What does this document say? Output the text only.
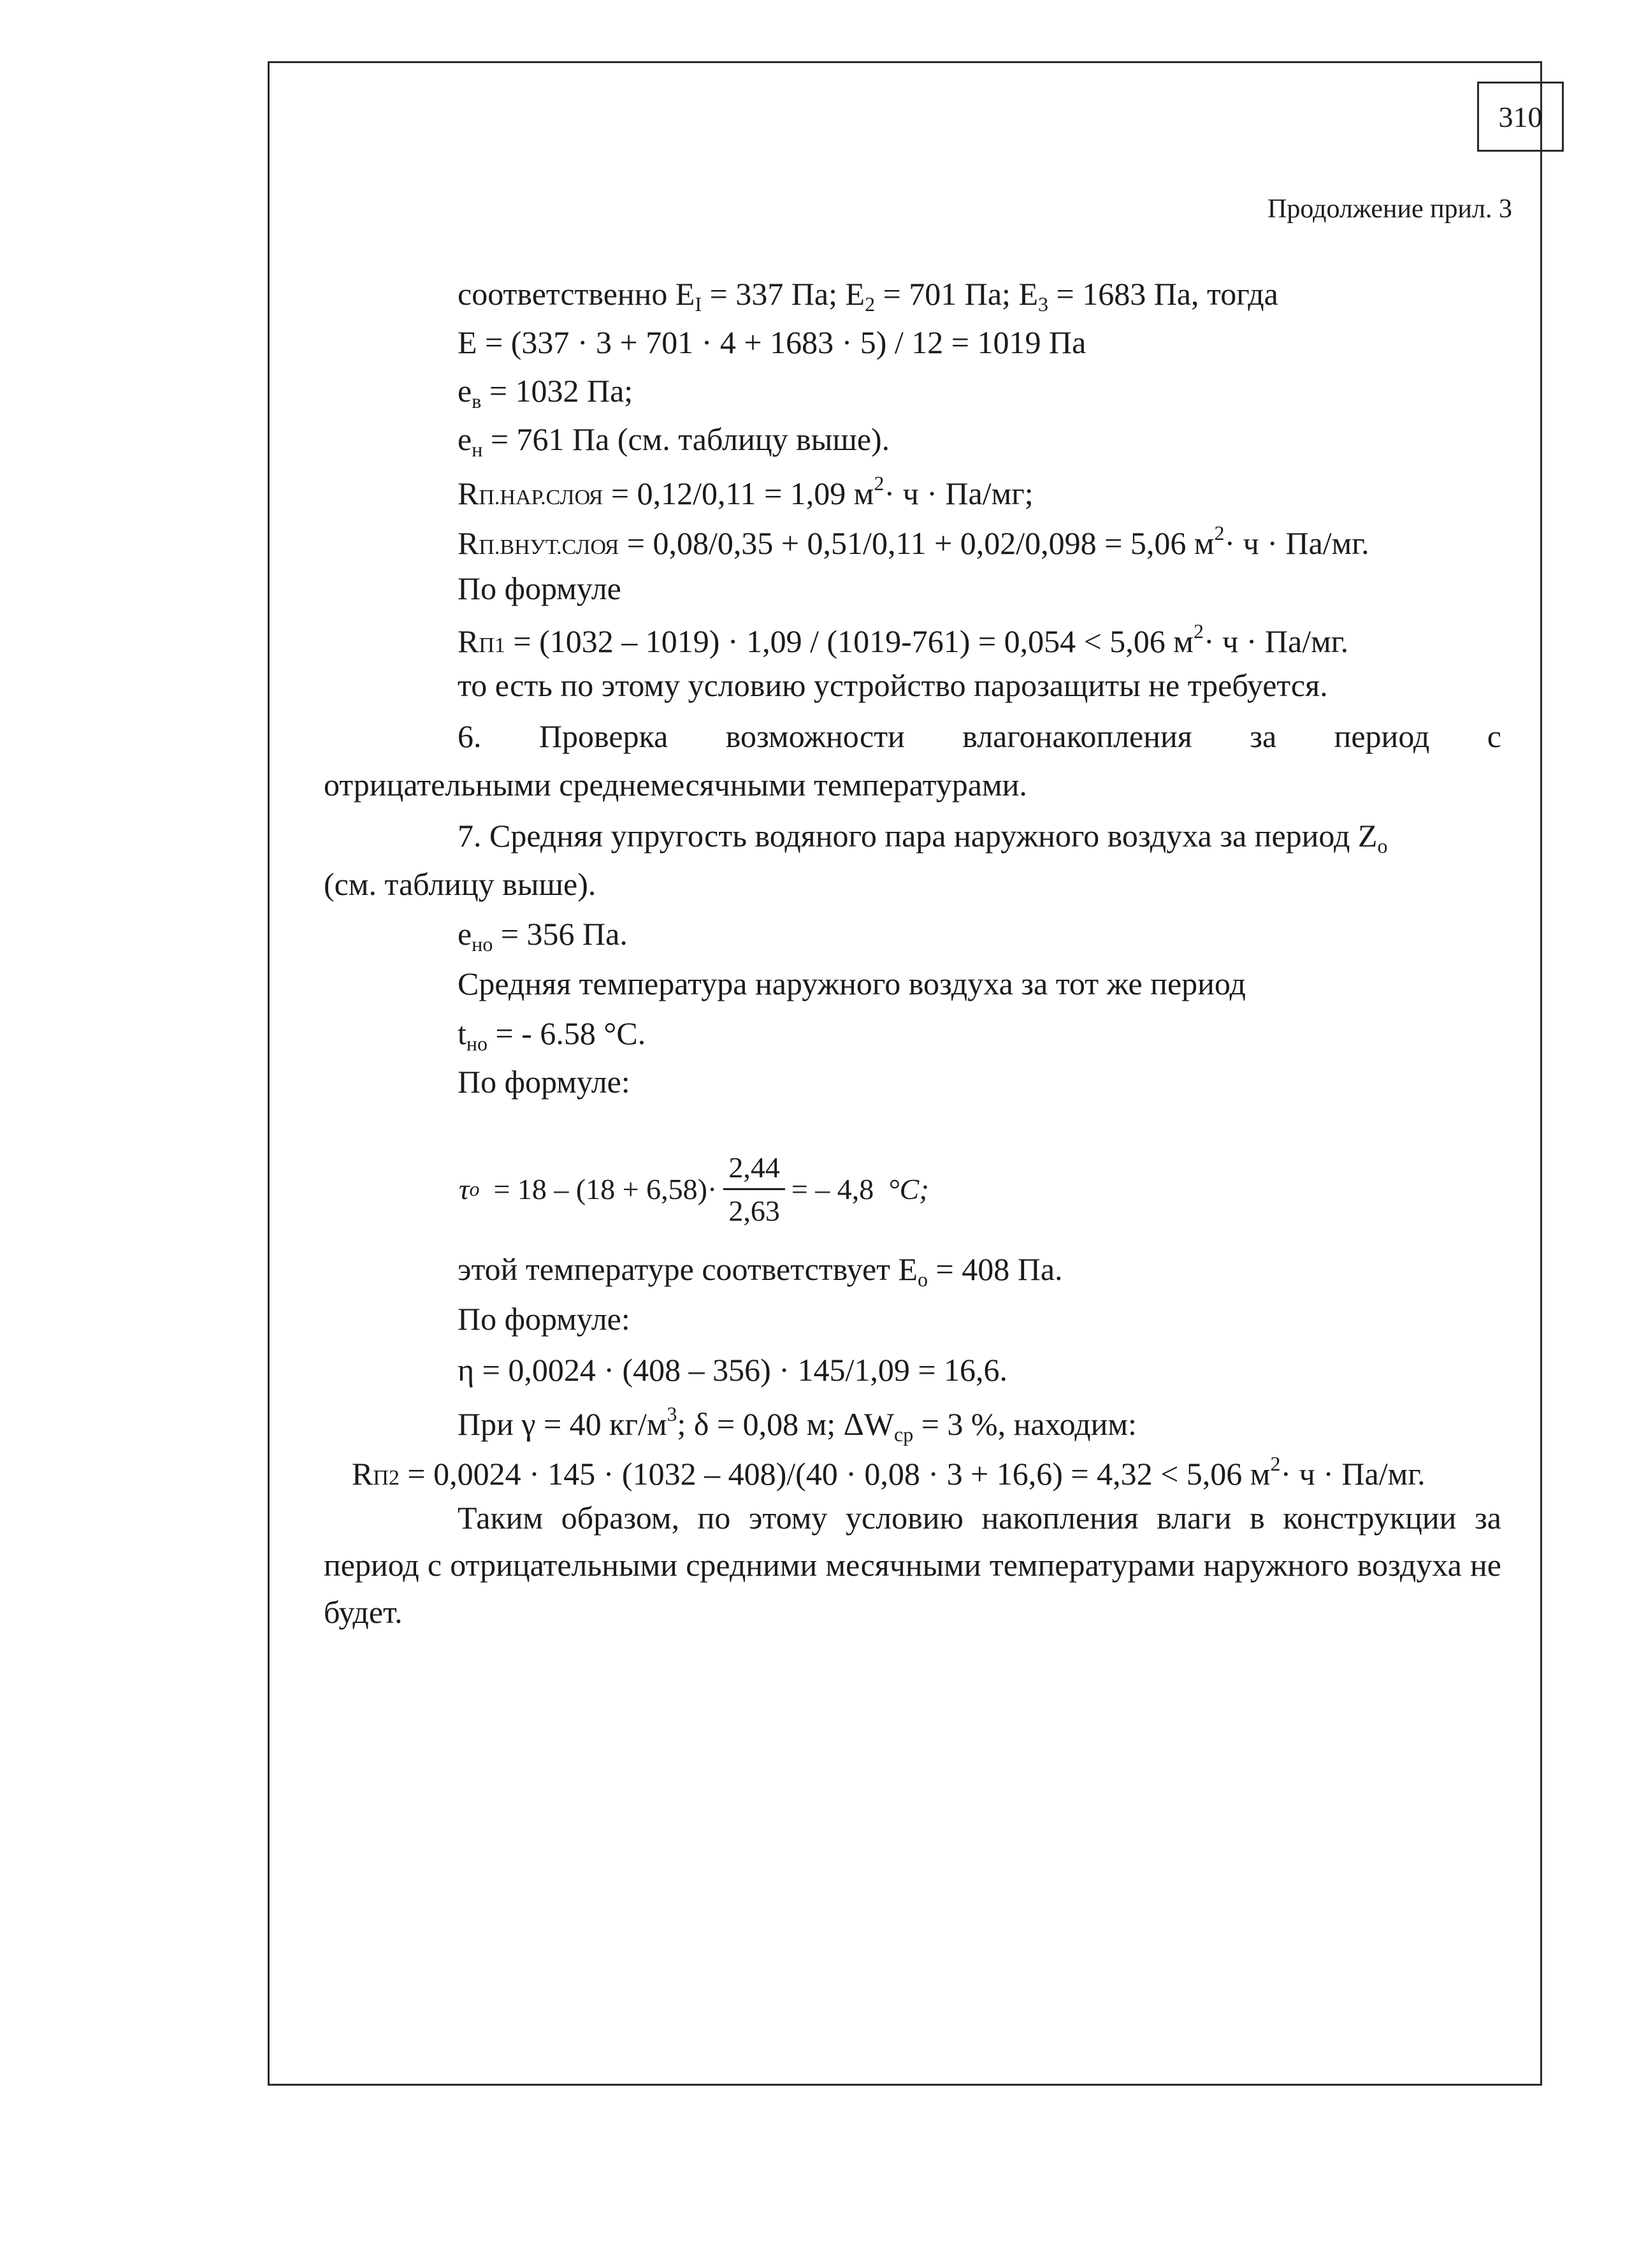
310
Продолжение прил. 3
соответственно $E_I = 337$ Па; $E_2 = 701$ Па; $E_3 = 1683$ Па, тогда
E = (337 · 3 + 701 · 4 + 1683 · 5) / 12 = 1019 Па
$e_в = 1032$ Па;
$e_н = 761$ Па (см. таблицу выше).
RП.НАР.СЛОЯ = 0,12/0,11 = 1,09 $м^2\cdot ч \cdot Па/мг$;
RП.ВНУТ.СЛОЯ = 0,08/0,35 + 0,51/0,11 + 0,02/0,098 = 5,06 $м^2\cdot ч \cdot Па/мг$.
По формуле
RП1 = (1032 – 1019) · 1,09 / (1019-761) = 0,054 < 5,06 $м^2\cdot ч \cdot Па/мг$.
то есть по этому условию устройство парозащиты не требуется.
6. Проверка возможности влагонакопления за период с
отрицательными среднемесячными температурами.
7. Средняя упругость водяного пара наружного воздуха за период $Z_o$
(см. таблицу выше).
$e_{но} = 356$ Па.
Средняя температура наружного воздуха за тот же период
$t_{но}$ = - 6.58 °С.
По формуле:
τ $o = 18 - (18 + 6,58)\cdot \frac{2,44}{2,63}$ = – 4,8 °C;
этой температуре соответствует $E_o = 408$ Па.
По формуле:
η = 0,0024 · (408 – 356) · 145/1,09 = 16,6.
При γ = 40 $кг/м^3$; δ = 0,08 м; $\Delta W_{ср} = 3$ %, находим:
RП2 = 0,0024 · 145 · (1032 – 408)/(40 · 0,08 · 3 + 16,6) = 4,32 < 5,06 $м^2\cdot ч \cdot Па/мг$.
Таким образом, по этому условию накопления влаги в конструкции за период с отрицательными средними месячными температурами наружного воздуха не будет.
